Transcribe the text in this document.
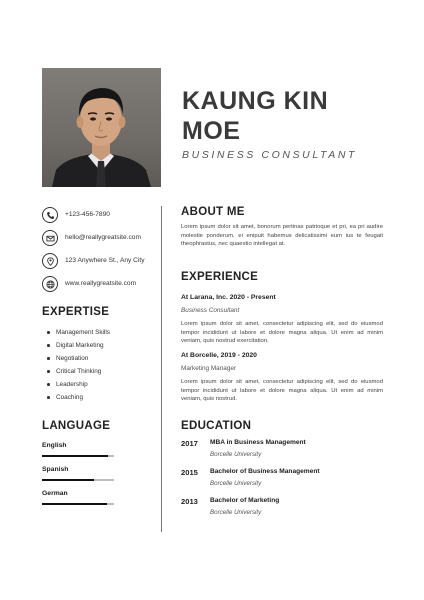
KAUNG KIN
MOE
BUSINESS CONSULTANT
+123-456-7890
hello@reallygreatsite.com
123 Anywhere St., Any City
www.reallygreatsite.com
EXPERTISE
Management Skills
Digital Marketing
Negotiation
Critical Thinking
Leadership
Coaching
LANGUAGE
English
Spanish
German
ABOUT ME
Lorem ipsum dolor sit amet, bonorum pertinax patrioque et pri, ea pri audire molestie ponderum, ei enipuit habemus delicatissimi eum ius te feugait theophrastus, nec quaestio intellegat at.
EXPERIENCE
At Larana, Inc. 2020 - Present
Business Consultant
Lorem ipsum dolor sit amet, consectetur adipiscing elit, sed do eiusmod tempor incididunt ut labore et dolore magna aliqua. Ut enim ad minim veniam, quis nostrud exercitation.
At Borcelle, 2019 - 2020
Marketing Manager
Lorem ipsum dolor sit amet, consectetur adipiscing elit, sed do eiusmod tempor incididunt ut labore et dolore magna aliqua. Ut enim ad minim veniam, quis nostrud.
EDUCATION
2017 MBA in Business Management
Borcelle University
2015 Bachelor of Business Management
Borcelle University
2013 Bachelor of Marketing
Borcelle University
